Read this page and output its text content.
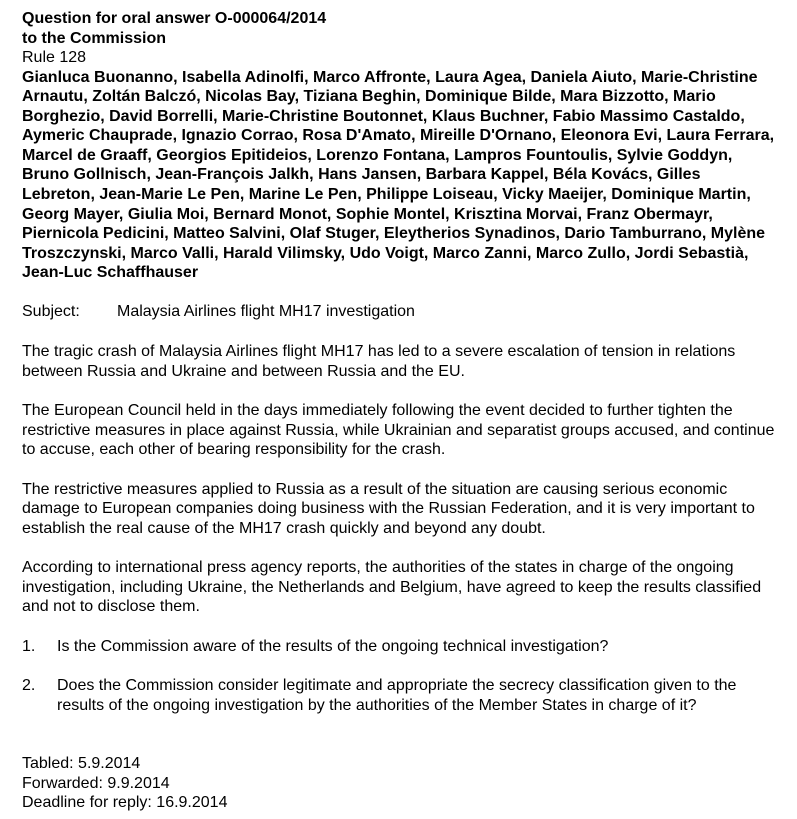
Question for oral answer O-000064/2014
to the Commission
Rule 128

Gianluca Buonanno, Isabella Adinolfi, Marco Affronte, Laura Agea, Daniela Aiuto, Marie-Christine Arnautu, Zoltán Balczó, Nicolas Bay, Tiziana Beghin, Dominique Bilde, Mara Bizzotto, Mario Borghezio, David Borrelli, Marie-Christine Boutonnet, Klaus Buchner, Fabio Massimo Castaldo, Aymeric Chauprade, Ignazio Corrao, Rosa D'Amato, Mireille D'Ornano, Eleonora Evi, Laura Ferrara, Marcel de Graaff, Georgios Epitideios, Lorenzo Fontana, Lampros Fountoulis, Sylvie Goddyn, Bruno Gollnisch, Jean-François Jalkh, Hans Jansen, Barbara Kappel, Béla Kovács, Gilles Lebreton, Jean-Marie Le Pen, Marine Le Pen, Philippe Loiseau, Vicky Maeijer, Dominique Martin, Georg Mayer, Giulia Moi, Bernard Monot, Sophie Montel, Krisztina Morvai, Franz Obermayr, Piernicola Pedicini, Matteo Salvini, Olaf Stuger, Eleytherios Synadinos, Dario Tamburrano, Mylène Troszczynski, Marco Valli, Harald Vilimsky, Udo Voigt, Marco Zanni, Marco Zullo, Jordi Sebastià, Jean-Luc Schaffhauser

Subject:	Malaysia Airlines flight MH17 investigation

The tragic crash of Malaysia Airlines flight MH17 has led to a severe escalation of tension in relations between Russia and Ukraine and between Russia and the EU.

The European Council held in the days immediately following the event decided to further tighten the restrictive measures in place against Russia, while Ukrainian and separatist groups accused, and continue to accuse, each other of bearing responsibility for the crash.

The restrictive measures applied to Russia as a result of the situation are causing serious economic damage to European companies doing business with the Russian Federation, and it is very important to establish the real cause of the MH17 crash quickly and beyond any doubt.

According to international press agency reports, the authorities of the states in charge of the ongoing investigation, including Ukraine, the Netherlands and Belgium, have agreed to keep the results classified and not to disclose them.

1.	Is the Commission aware of the results of the ongoing technical investigation?
2.	Does the Commission consider legitimate and appropriate the secrecy classification given to the results of the ongoing investigation by the authorities of the Member States in charge of it?
Tabled: 5.9.2014
Forwarded: 9.9.2014
Deadline for reply: 16.9.2014
